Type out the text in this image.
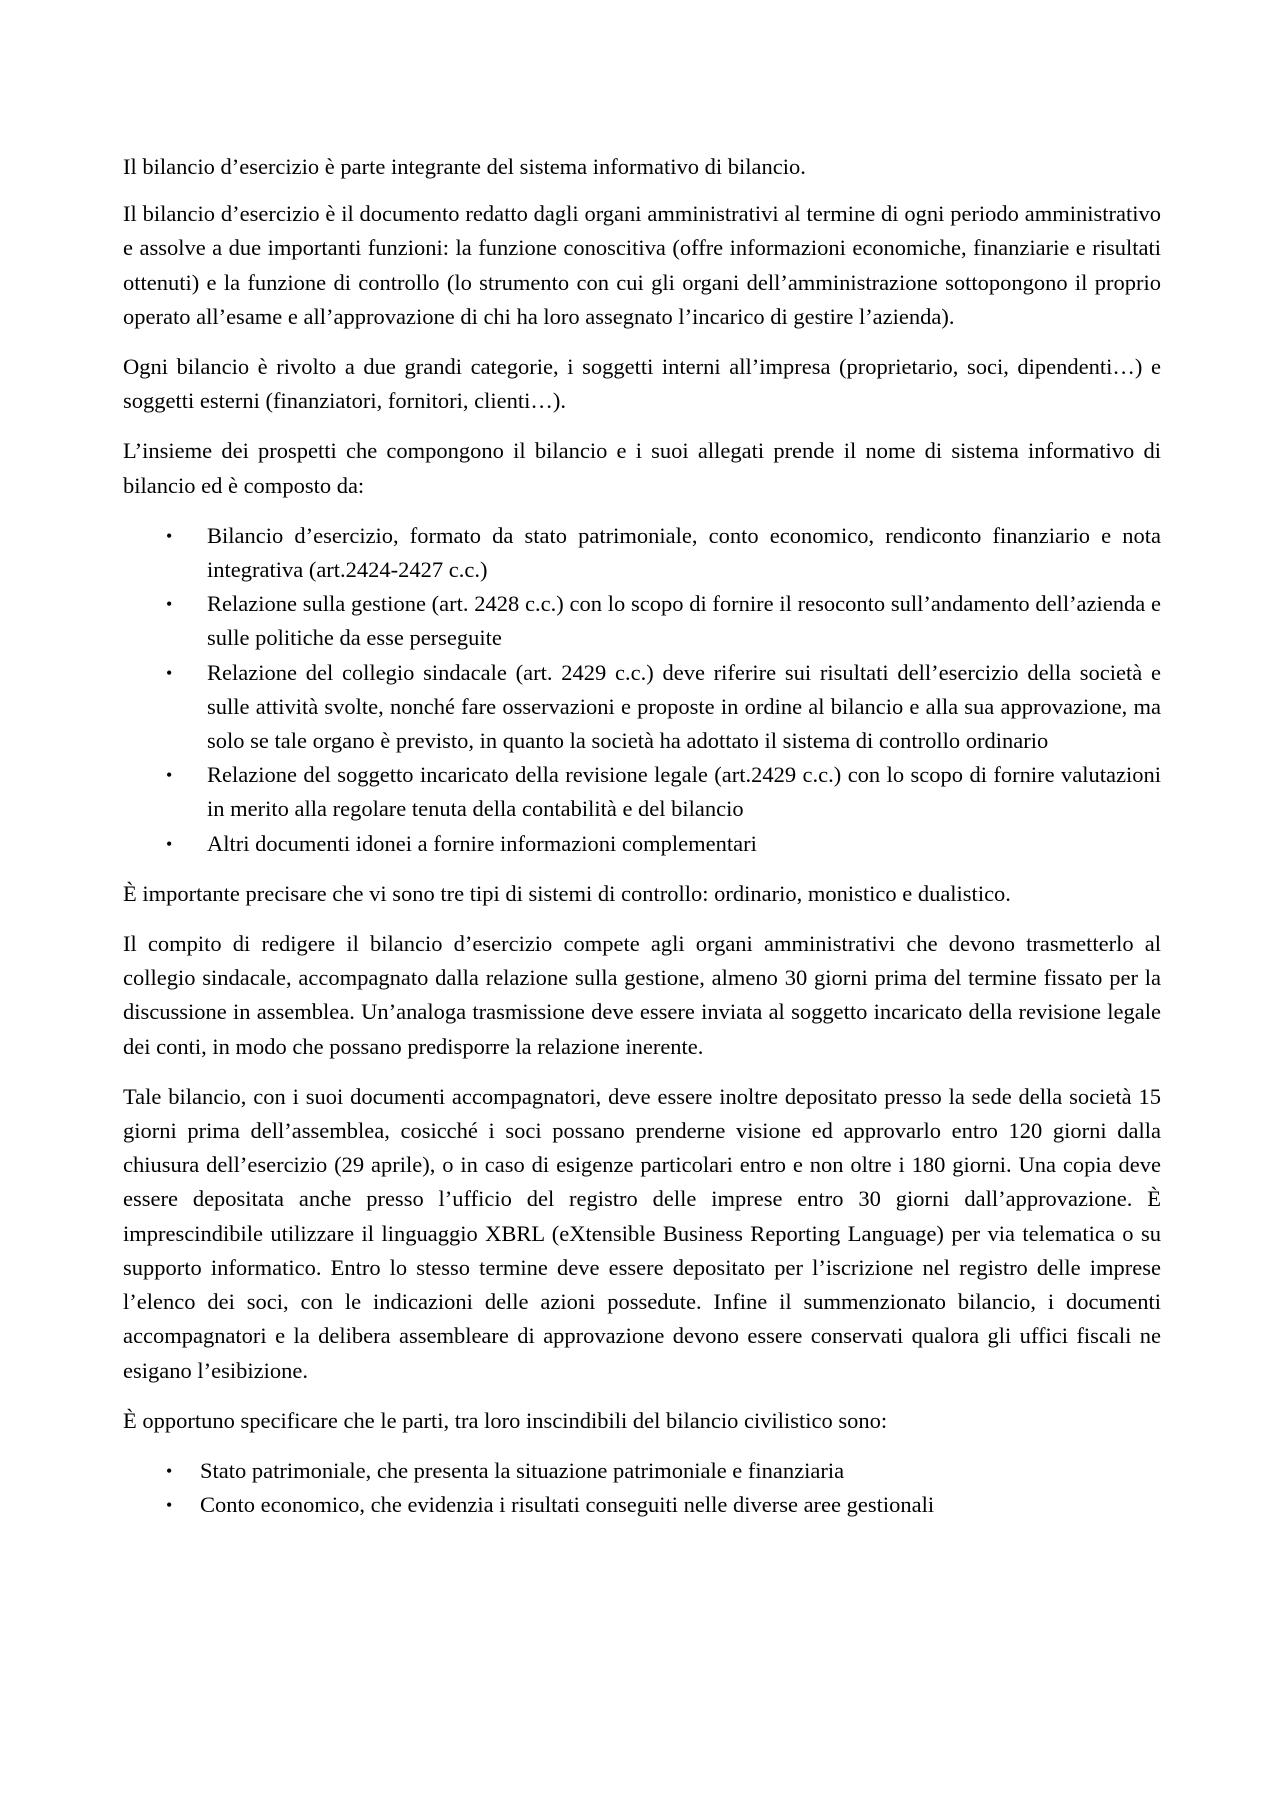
Il bilancio d’esercizio è parte integrante del sistema informativo di bilancio.

Il bilancio d’esercizio è il documento redatto dagli organi amministrativi al termine di ogni periodo amministrativo e assolve a due importanti funzioni: la funzione conoscitiva (offre informazioni economiche, finanziarie e risultati ottenuti) e la funzione di controllo (lo strumento con cui gli organi dell’amministrazione sottopongono il proprio operato all’esame e all’approvazione di chi ha loro assegnato l’incarico di gestire l’azienda).

Ogni bilancio è rivolto a due grandi categorie, i soggetti interni all’impresa (proprietario, soci, dipendenti…) e soggetti esterni (finanziatori, fornitori, clienti…).

L’insieme dei prospetti che compongono il bilancio e i suoi allegati prende il nome di sistema informativo di bilancio ed è composto da:

• Bilancio d’esercizio, formato da stato patrimoniale, conto economico, rendiconto finanziario e nota integrativa (art.2424-2427 c.c.)
• Relazione sulla gestione (art. 2428 c.c.) con lo scopo di fornire il resoconto sull’andamento dell’azienda e sulle politiche da esse perseguite
• Relazione del collegio sindacale (art. 2429 c.c.) deve riferire sui risultati dell’esercizio della società e sulle attività svolte, nonché fare osservazioni e proposte in ordine al bilancio e alla sua approvazione, ma solo se tale organo è previsto, in quanto la società ha adottato il sistema di controllo ordinario
• Relazione del soggetto incaricato della revisione legale (art.2429 c.c.) con lo scopo di fornire valutazioni in merito alla regolare tenuta della contabilità e del bilancio
• Altri documenti idonei a fornire informazioni complementari

È importante precisare che vi sono tre tipi di sistemi di controllo: ordinario, monistico e dualistico.

Il compito di redigere il bilancio d’esercizio compete agli organi amministrativi che devono trasmetterlo al collegio sindacale, accompagnato dalla relazione sulla gestione, almeno 30 giorni prima del termine fissato per la discussione in assemblea. Un’analoga trasmissione deve essere inviata al soggetto incaricato della revisione legale dei conti, in modo che possano predisporre la relazione inerente.

Tale bilancio, con i suoi documenti accompagnatori, deve essere inoltre depositato presso la sede della società 15 giorni prima dell’assemblea, cosicché i soci possano prenderne visione ed approvarlo entro 120 giorni dalla chiusura dell’esercizio (29 aprile), o in caso di esigenze particolari entro e non oltre i 180 giorni. Una copia deve essere depositata anche presso l’ufficio del registro delle imprese entro 30 giorni dall’approvazione. È imprescindibile utilizzare il linguaggio XBRL (eXtensible Business Reporting Language) per via telematica o su supporto informatico. Entro lo stesso termine deve essere depositato per l’iscrizione nel registro delle imprese l’elenco dei soci, con le indicazioni delle azioni possedute. Infine il summenzionato bilancio, i documenti accompagnatori e la delibera assembleare di approvazione devono essere conservati qualora gli uffici fiscali ne esigano l’esibizione.

È opportuno specificare che le parti, tra loro inscindibili del bilancio civilistico sono:

• Stato patrimoniale, che presenta la situazione patrimoniale e finanziaria
• Conto economico, che evidenzia i risultati conseguiti nelle diverse aree gestionali
